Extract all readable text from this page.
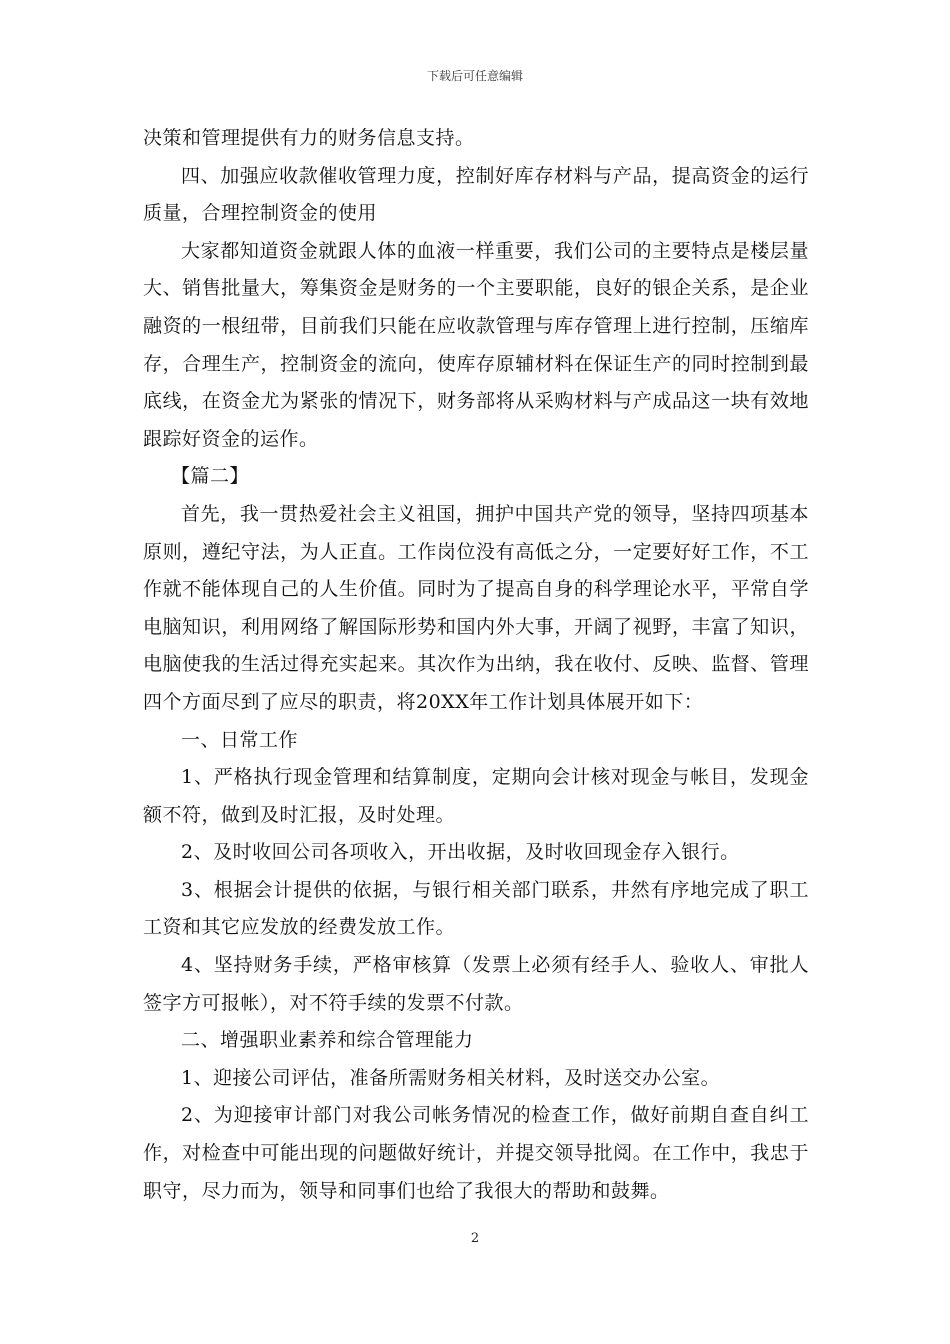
下载后可任意编辑

决策和管理提供有力的财务信息支持。

四、加强应收款催收管理力度，控制好库存材料与产品，提高资金的运行质量，合理控制资金的使用

大家都知道资金就跟人体的血液一样重要，我们公司的主要特点是楼层量大、销售批量大，筹集资金是财务的一个主要职能，良好的银企关系，是企业融资的一根纽带，目前我们只能在应收款管理与库存管理上进行控制，压缩库存，合理生产，控制资金的流向，使库存原辅材料在保证生产的同时控制到最底线，在资金尤为紧张的情况下，财务部将从采购材料与产成品这一块有效地跟踪好资金的运作。

【篇二】

首先，我一贯热爱社会主义祖国，拥护中国共产党的领导，坚持四项基本原则，遵纪守法，为人正直。工作岗位没有高低之分，一定要好好工作，不工作就不能体现自己的人生价值。同时为了提高自身的科学理论水平，平常自学电脑知识，利用网络了解国际形势和国内外大事，开阔了视野，丰富了知识，电脑使我的生活过得充实起来。其次作为出纳，我在收付、反映、监督、管理四个方面尽到了应尽的职责，将20XX年工作计划具体展开如下：

一、日常工作

1、严格执行现金管理和结算制度，定期向会计核对现金与帐目，发现金额不符，做到及时汇报，及时处理。

2、及时收回公司各项收入，开出收据，及时收回现金存入银行。

3、根据会计提供的依据，与银行相关部门联系，井然有序地完成了职工工资和其它应发放的经费发放工作。

4、坚持财务手续，严格审核算（发票上必须有经手人、验收人、审批人签字方可报帐），对不符手续的发票不付款。

二、增强职业素养和综合管理能力

1、迎接公司评估，准备所需财务相关材料，及时送交办公室。

2、为迎接审计部门对我公司帐务情况的检查工作，做好前期自查自纠工作，对检查中可能出现的问题做好统计，并提交领导批阅。在工作中，我忠于职守，尽力而为，领导和同事们也给了我很大的帮助和鼓舞。

2
